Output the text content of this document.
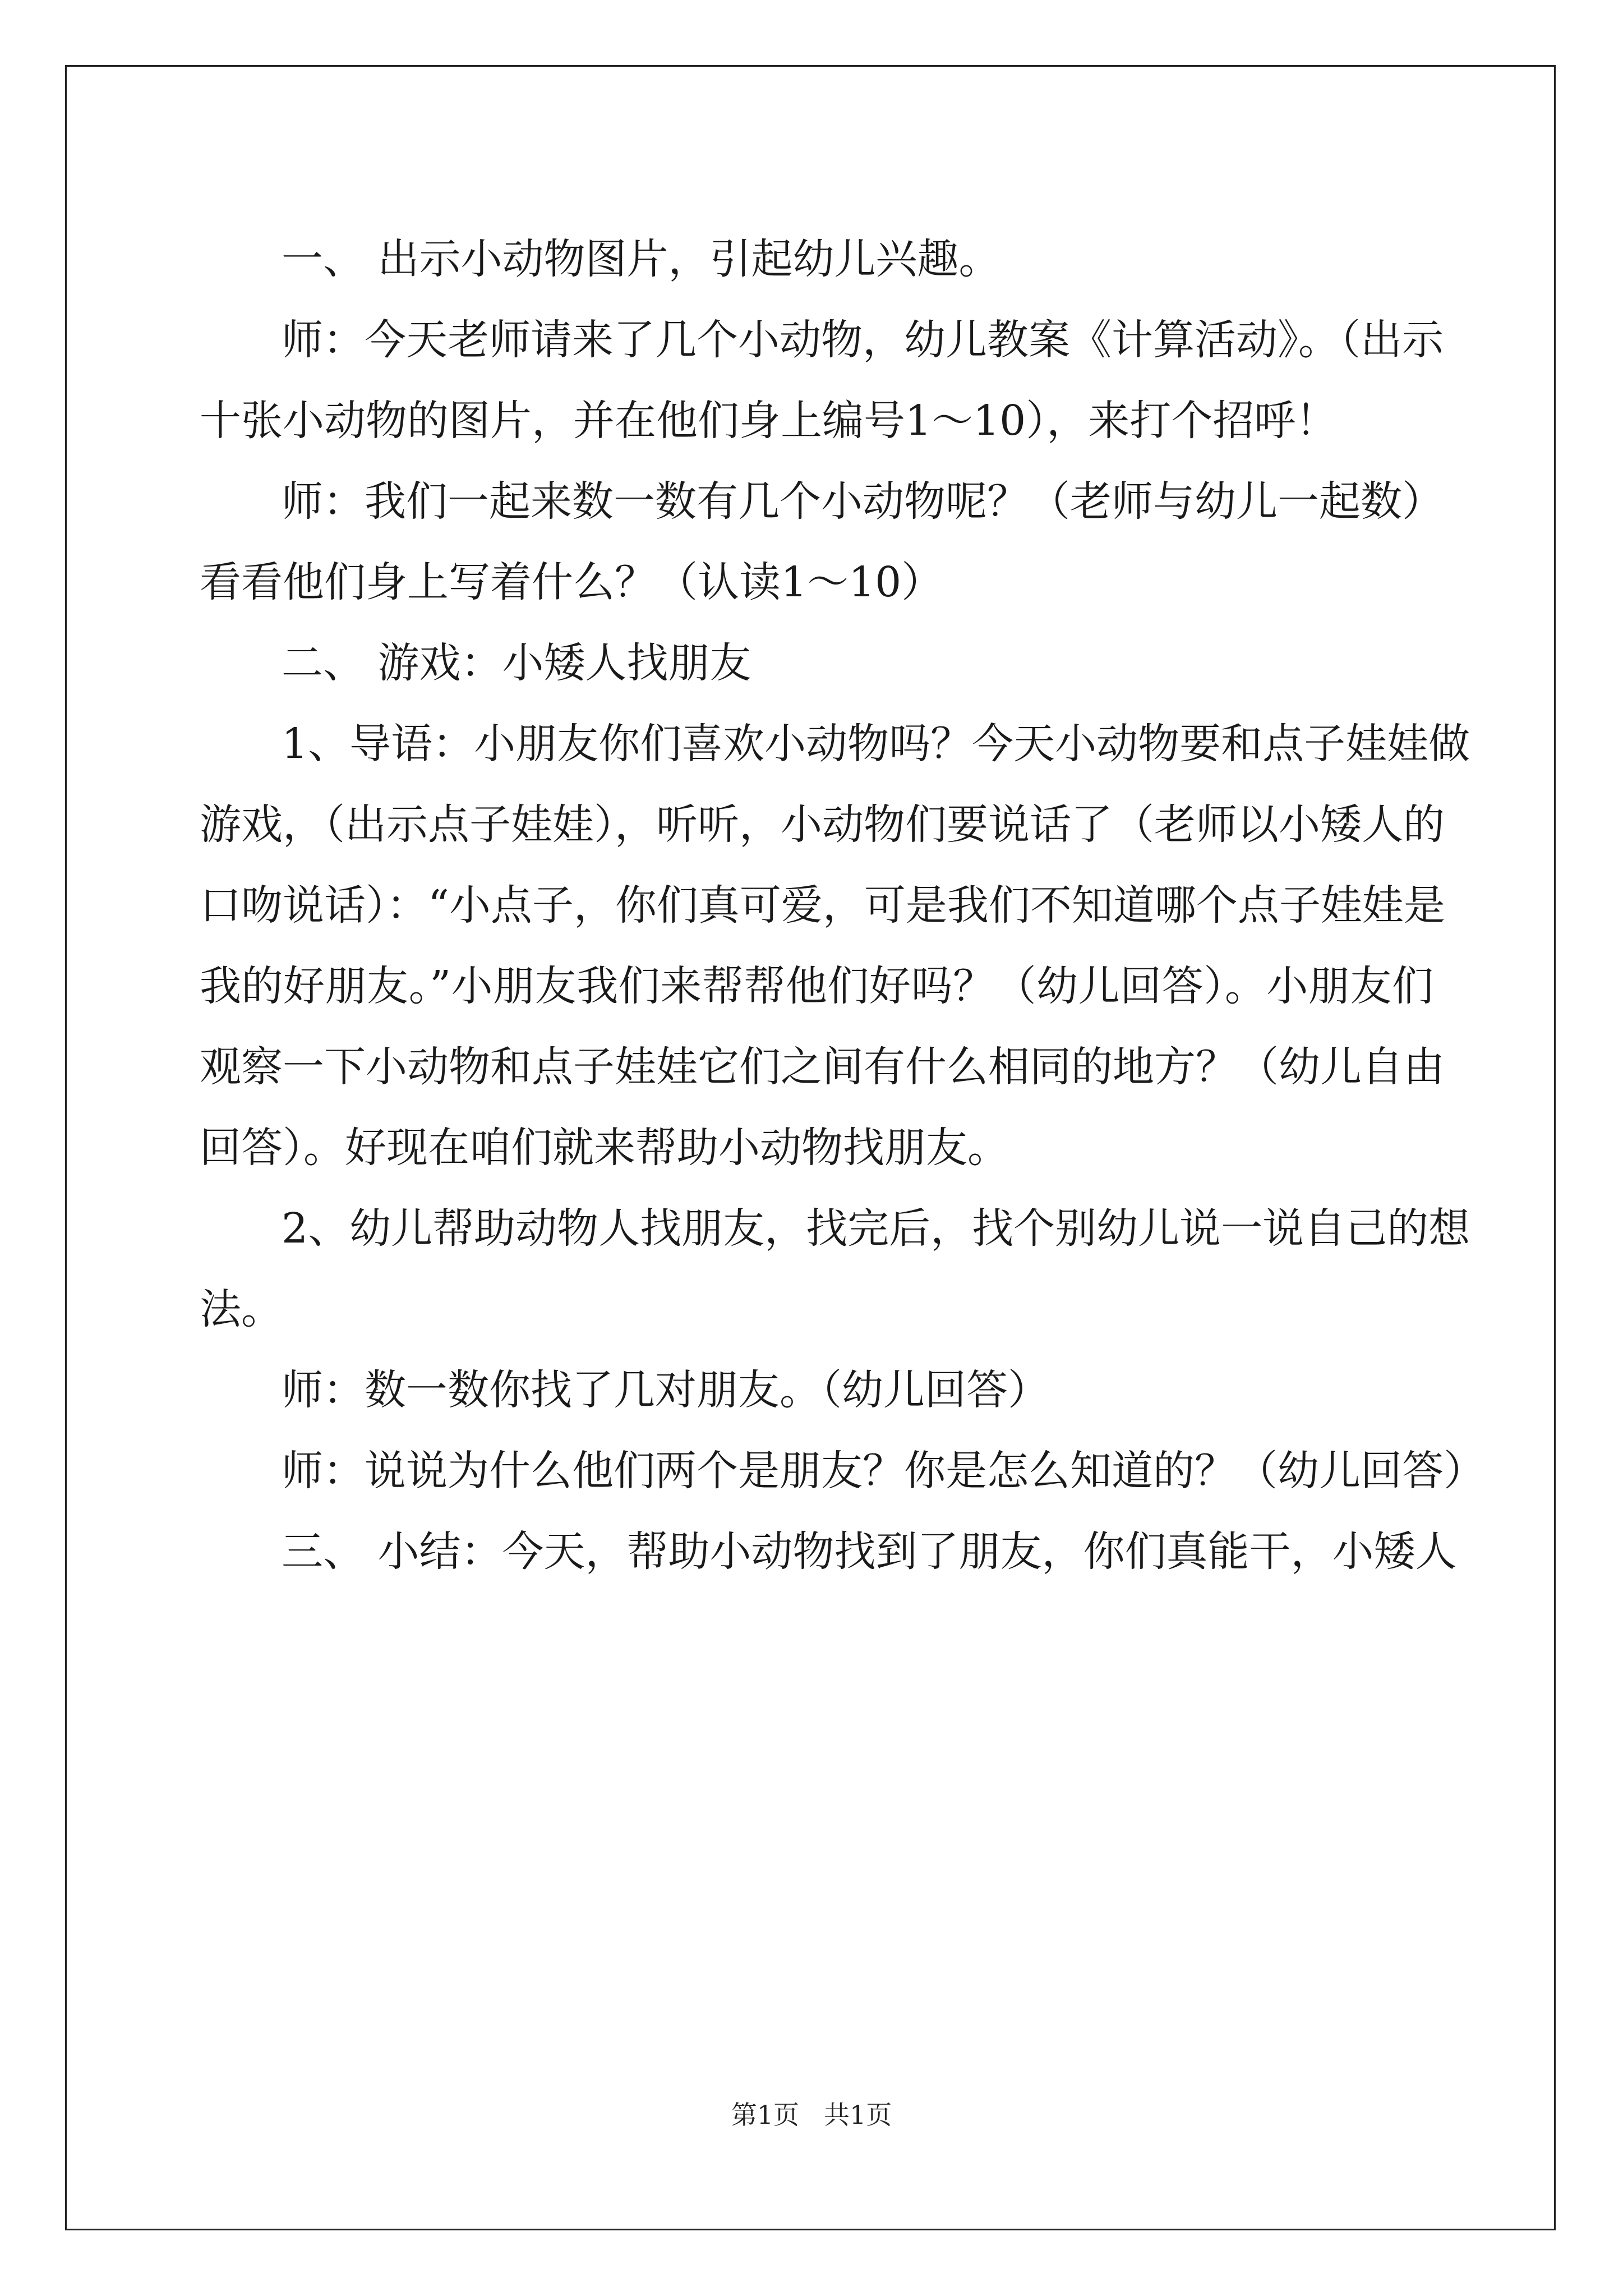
一、 出示小动物图片，引起幼儿兴趣。
师：今天老师请来了几个小动物，幼儿教案《计算活动》。（出示
十张小动物的图片，并在他们身上编号1～10），来打个招呼！
师：我们一起来数一数有几个小动物呢？（老师与幼儿一起数）
看看他们身上写着什么？（认读1～10）
二、 游戏：小矮人找朋友
1、导语：小朋友你们喜欢小动物吗？今天小动物要和点子娃娃做
游戏，（出示点子娃娃），听听，小动物们要说话了（老师以小矮人的
口吻说话）：“小点子，你们真可爱，可是我们不知道哪个点子娃娃是
我的好朋友。”小朋友我们来帮帮他们好吗？（幼儿回答）。小朋友们
观察一下小动物和点子娃娃它们之间有什么相同的地方？（幼儿自由
回答）。好现在咱们就来帮助小动物找朋友。
2、幼儿帮助动物人找朋友，找完后，找个别幼儿说一说自己的想
法。
师：数一数你找了几对朋友。（幼儿回答）
师：说说为什么他们两个是朋友？你是怎么知道的？（幼儿回答）
三、 小结：今天，帮助小动物找到了朋友，你们真能干，小矮人
第1页 共1页
